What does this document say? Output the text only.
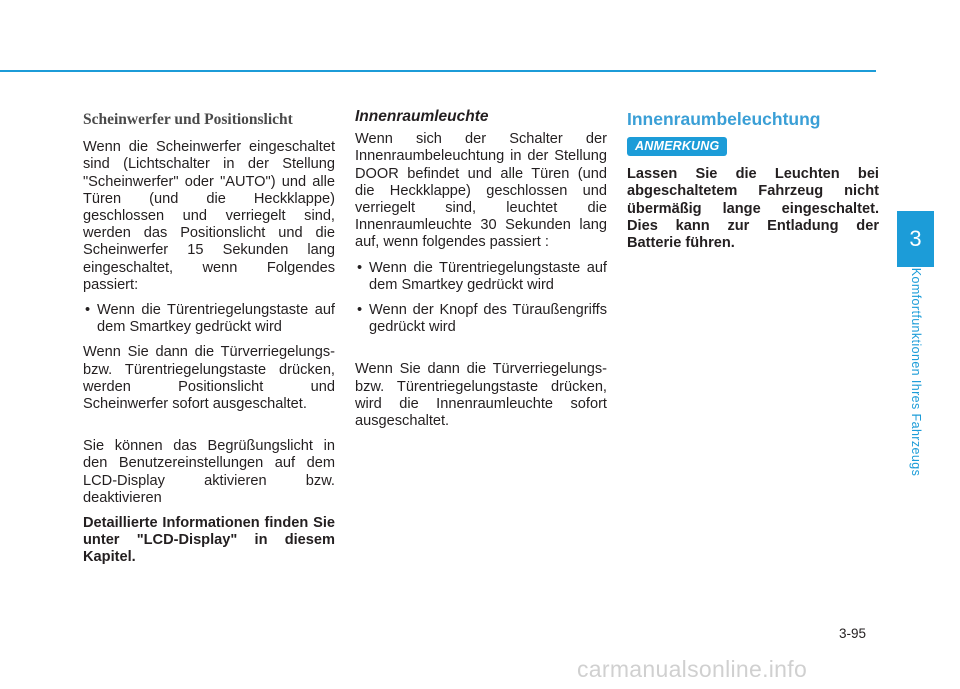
Scheinwerfer und Positionslicht

Wenn die Scheinwerfer eingeschaltet sind (Lichtschalter in der Stellung "Scheinwerfer" oder "AUTO") und alle Türen (und die Heckklappe) geschlossen und verriegelt sind, werden das Positionslicht und die Scheinwerfer 15 Sekunden lang eingeschaltet, wenn Folgendes passiert:

• Wenn die Türentriegelungstaste auf dem Smartkey gedrückt wird

Wenn Sie dann die Türverriegelungs- bzw. Türentriegelungstaste drücken, werden Positionslicht und Scheinwerfer sofort ausgeschaltet.

Sie können das Begrüßungslicht in den Benutzereinstellungen auf dem LCD-Display aktivieren bzw. deaktivieren

Detaillierte Informationen finden Sie unter "LCD-Display" in diesem Kapitel.

Innenraumleuchte

Wenn sich der Schalter der Innenraumbeleuchtung in der Stellung DOOR befindet und alle Türen (und die Heckklappe) geschlossen und verriegelt sind, leuchtet die Innenraumleuchte 30 Sekunden lang auf, wenn folgendes passiert :

• Wenn die Türentriegelungstaste auf dem Smartkey gedrückt wird
• Wenn der Knopf des Türaußengriffs gedrückt wird

Wenn Sie dann die Türverriegelungs- bzw. Türentriegelungstaste drücken, wird die Innenraumleuchte sofort ausgeschaltet.

Innenraumbeleuchtung
ANMERKUNG

Lassen Sie die Leuchten bei abgeschaltetem Fahrzeug nicht übermäßig lange eingeschaltet. Dies kann zur Entladung der Batterie führen.	3
Komfortfunktionen Ihres Fahrzeugs
3-95
carmanualsonline.info
